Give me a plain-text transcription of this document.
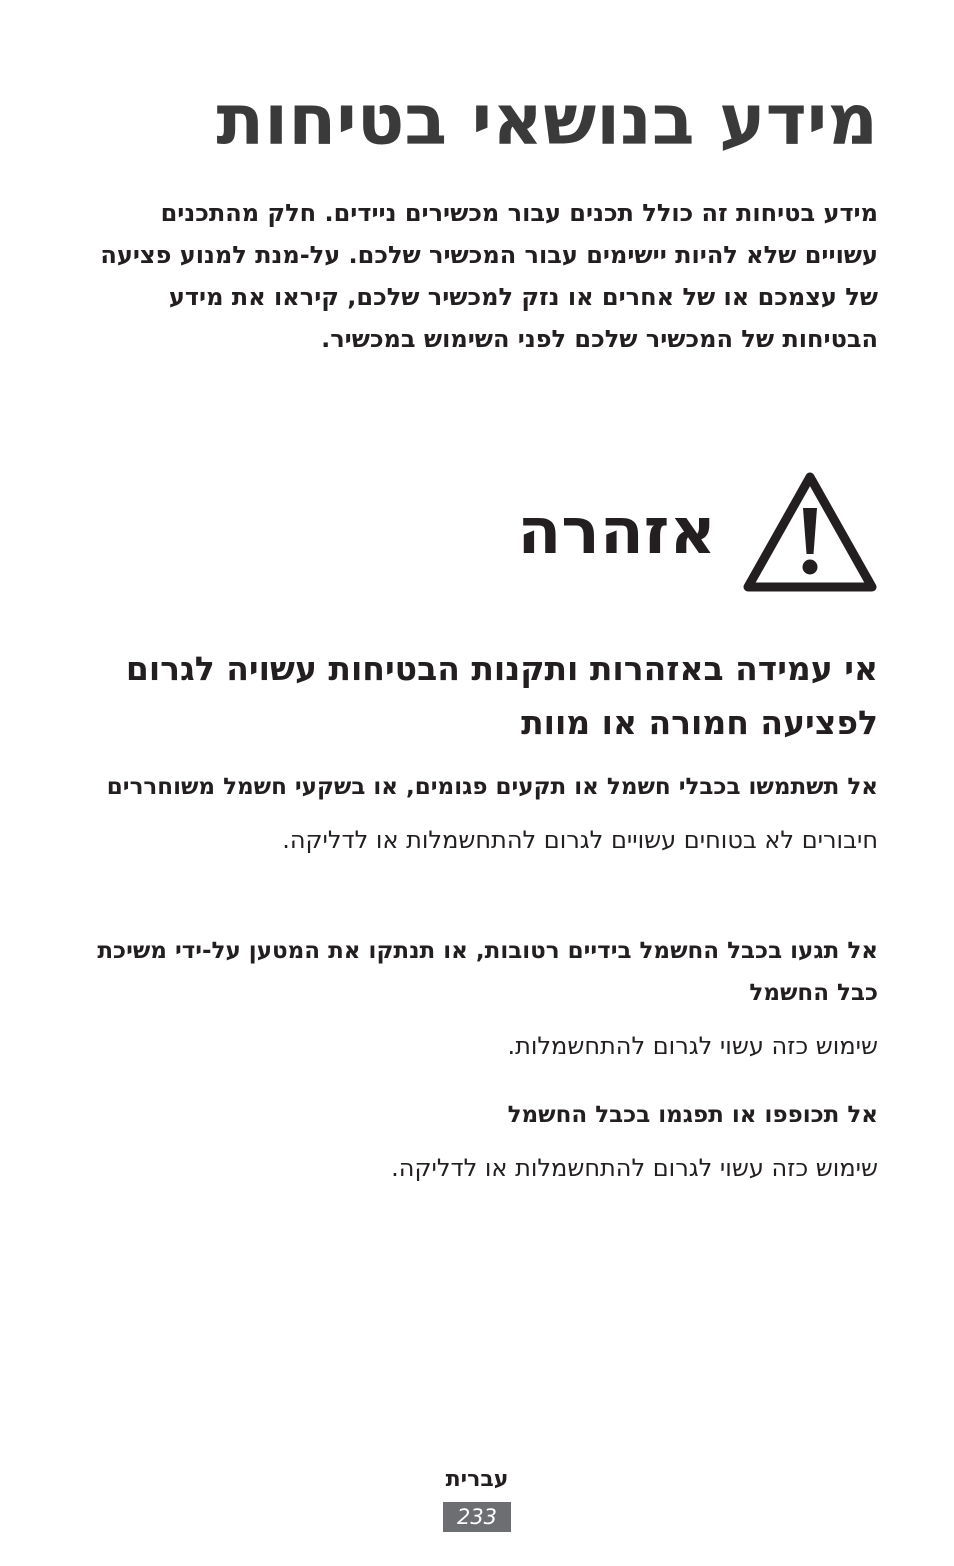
מידע בנושאי בטיחות

מידע בטיחות זה כולל תכנים עבור מכשירים ניידים. חלק מהתכנים עשויים שלא להיות יישימים עבור המכשיר שלכם. על-מנת למנוע פציעה של עצמכם או של אחרים או נזק למכשיר שלכם, קיראו את מידע הבטיחות של המכשיר שלכם לפני השימוש במכשיר.

אזהרה
אי עמידה באזהרות ותקנות הבטיחות עשויה לגרום לפציעה חמורה או מוות

אל תשתמשו בכבלי חשמל או תקעים פגומים, או בשקעי חשמל משוחררים

חיבורים לא בטוחים עשויים לגרום להתחשמלות או לדליקה.

אל תגעו בכבל החשמל בידיים רטובות, או תנתקו את המטען על-ידי משיכת כבל החשמל

שימוש כזה עשוי לגרום להתחשמלות.

אל תכופפו או תפגמו בכבל החשמל

שימוש כזה עשוי לגרום להתחשמלות או לדליקה.

עברית
233
